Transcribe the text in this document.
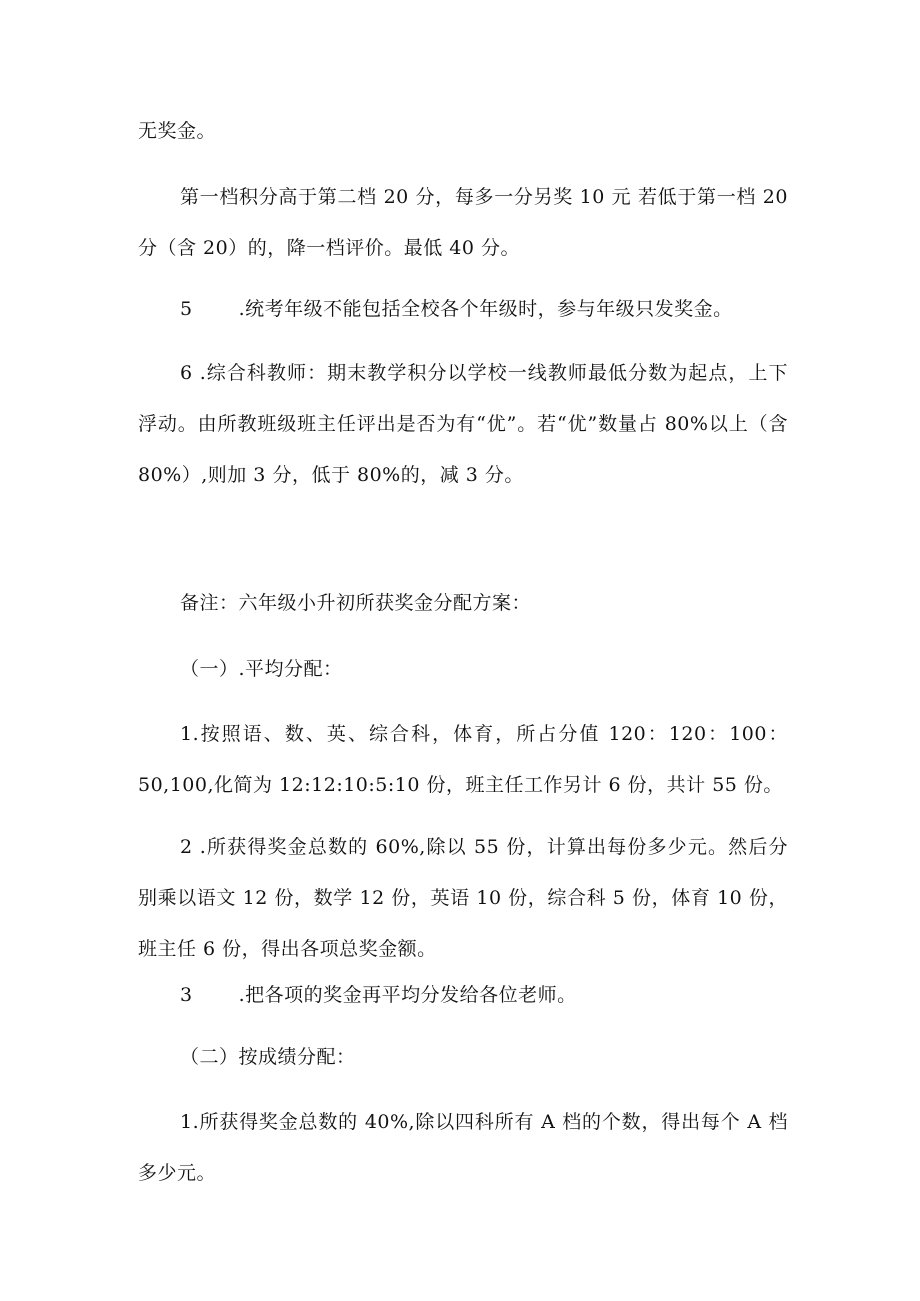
无奖金。

第一档积分高于第二档 20 分，每多一分另奖 10 元 若低于第一档 20 分（含 20）的，降一档评价。最低 40 分。

5 .统考年级不能包括全校各个年级时，参与年级只发奖金。

6 .综合科教师：期末教学积分以学校一线教师最低分数为起点，上下浮动。由所教班级班主任评出是否为有“优”。若“优”数量占 80%以上（含 80%）,则加 3 分，低于 80%的，减 3 分。

备注：六年级小升初所获奖金分配方案：
（一）.平均分配：

1.按照语、数、英、综合科，体育，所占分值 120：120：100：50,100,化简为 12:12:10:5:10 份，班主任工作另计 6 份，共计 55 份。

2 .所获得奖金总数的 60%,除以 55 份，计算出每份多少元。然后分别乘以语文 12 份，数学 12 份，英语 10 份，综合科 5 份，体育 10 份，班主任 6 份，得出各项总奖金额。

3 .把各项的奖金再平均分发给各位老师。
（二）按成绩分配：

1.所获得奖金总数的 40%,除以四科所有 A 档的个数，得出每个 A 档多少元。
